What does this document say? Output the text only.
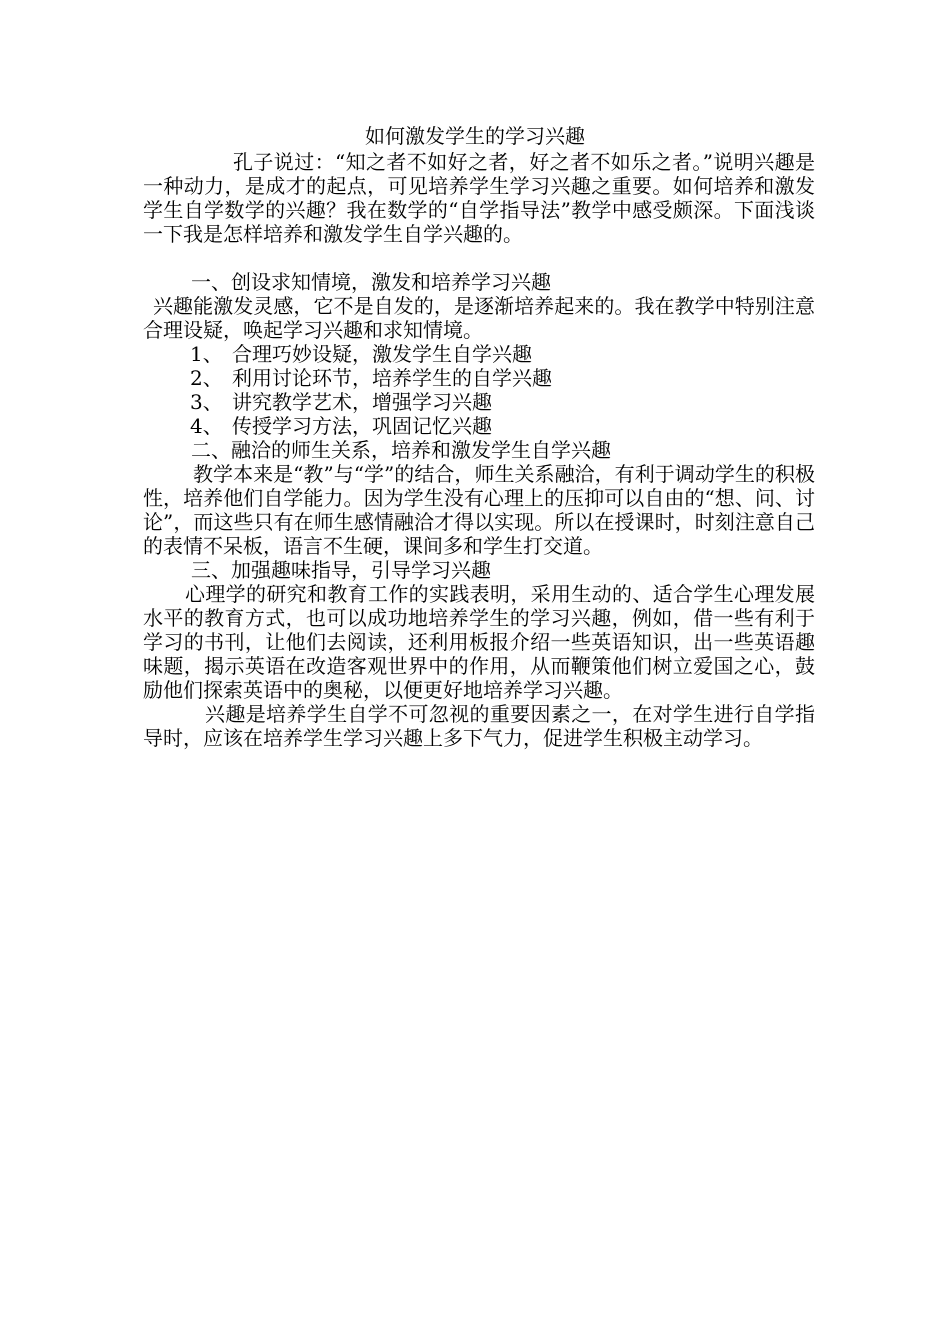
如何激发学生的学习兴趣

孔子说过：“知之者不如好之者，好之者不如乐之者。”说明兴趣是一种动力，是成才的起点，可见培养学生学习兴趣之重要。如何培养和激发学生自学数学的兴趣？我在数学的“自学指导法”教学中感受颇深。下面浅谈一下我是怎样培养和激发学生自学兴趣的。

一、创设求知情境，激发和培养学习兴趣

兴趣能激发灵感，它不是自发的，是逐渐培养起来的。我在教学中特别注意合理设疑，唤起学习兴趣和求知情境。

1、 合理巧妙设疑，激发学生自学兴趣
2、 利用讨论环节，培养学生的自学兴趣
3、 讲究教学艺术，增强学习兴趣
4、 传授学习方法，巩固记忆兴趣

二、融洽的师生关系，培养和激发学生自学兴趣

教学本来是“教”与“学”的结合，师生关系融洽，有利于调动学生的积极性，培养他们自学能力。因为学生没有心理上的压抑可以自由的“想、问、讨论”，而这些只有在师生感情融洽才得以实现。所以在授课时，时刻注意自己的表情不呆板，语言不生硬，课间多和学生打交道。

三、加强趣味指导，引导学习兴趣

心理学的研究和教育工作的实践表明，采用生动的、适合学生心理发展水平的教育方式，也可以成功地培养学生的学习兴趣，例如，借一些有利于学习的书刊，让他们去阅读，还利用板报介绍一些英语知识，出一些英语趣味题，揭示英语在改造客观世界中的作用，从而鞭策他们树立爱国之心，鼓励他们探索英语中的奥秘，以便更好地培养学习兴趣。

兴趣是培养学生自学不可忽视的重要因素之一，在对学生进行自学指导时，应该在培养学生学习兴趣上多下气力，促进学生积极主动学习。
